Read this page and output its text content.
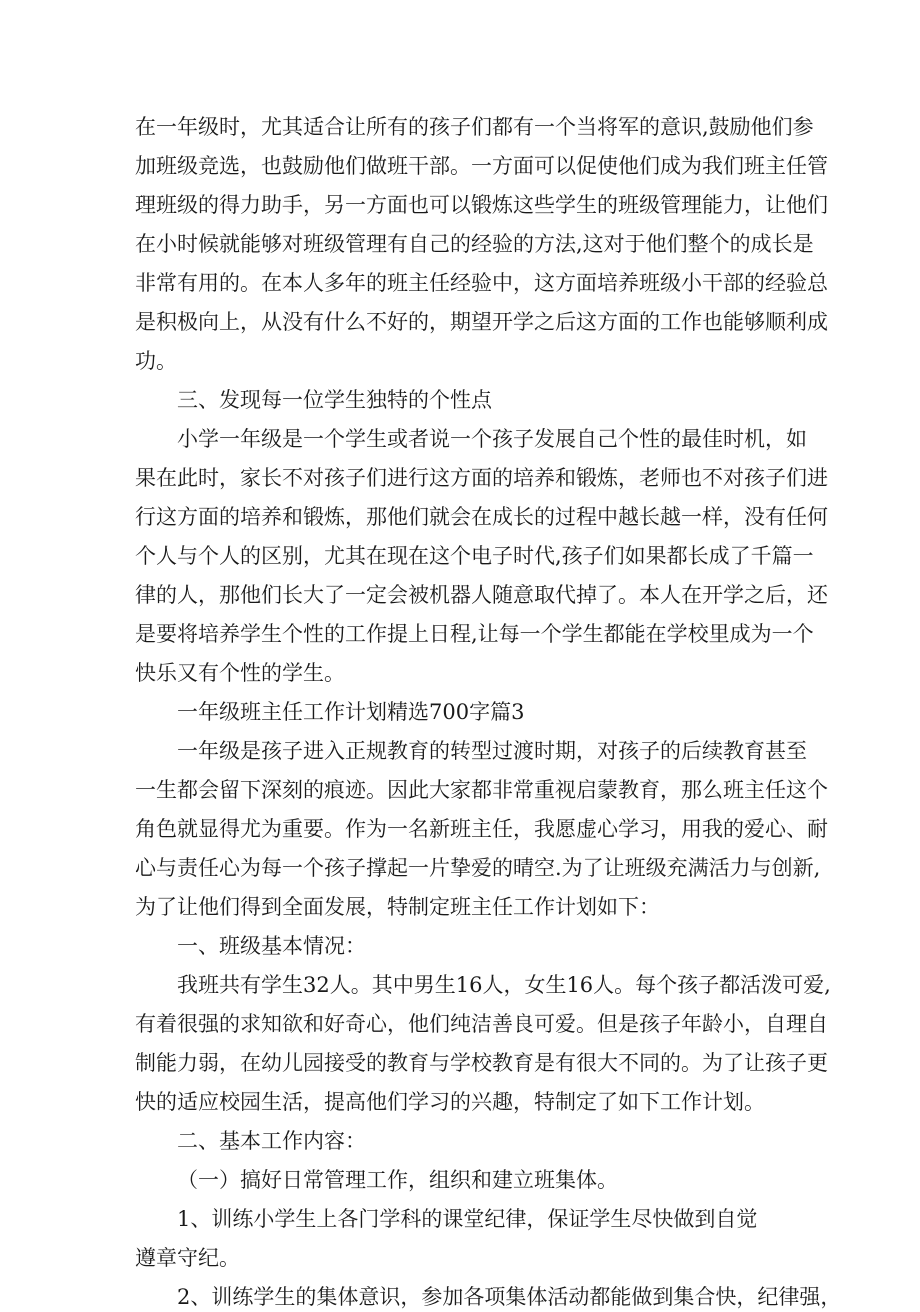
在一年级时，尤其适合让所有的孩子们都有一个当将军的意识,鼓励他们参
加班级竞选，也鼓励他们做班干部。一方面可以促使他们成为我们班主任管
理班级的得力助手，另一方面也可以锻炼这些学生的班级管理能力，让他们
在小时候就能够对班级管理有自己的经验的方法,这对于他们整个的成长是
非常有用的。在本人多年的班主任经验中，这方面培养班级小干部的经验总
是积极向上，从没有什么不好的，期望开学之后这方面的工作也能够顺利成
功。
三、发现每一位学生独特的个性点
小学一年级是一个学生或者说一个孩子发展自己个性的最佳时机，如
果在此时，家长不对孩子们进行这方面的培养和锻炼，老师也不对孩子们进
行这方面的培养和锻炼，那他们就会在成长的过程中越长越一样，没有任何
个人与个人的区别，尤其在现在这个电子时代,孩子们如果都长成了千篇一
律的人，那他们长大了一定会被机器人随意取代掉了。本人在开学之后，还
是要将培养学生个性的工作提上日程,让每一个学生都能在学校里成为一个
快乐又有个性的学生。
一年级班主任工作计划精选700字篇3
一年级是孩子进入正规教育的转型过渡时期，对孩子的后续教育甚至
一生都会留下深刻的痕迹。因此大家都非常重视启蒙教育，那么班主任这个
角色就显得尤为重要。作为一名新班主任，我愿虚心学习，用我的爱心、耐
心与责任心为每一个孩子撑起一片挚爱的晴空.为了让班级充满活力与创新,
为了让他们得到全面发展，特制定班主任工作计划如下：
一、班级基本情况：
我班共有学生32人。其中男生16人，女生16人。每个孩子都活泼可爱,
有着很强的求知欲和好奇心，他们纯洁善良可爱。但是孩子年龄小，自理自
制能力弱，在幼儿园接受的教育与学校教育是有很大不同的。为了让孩子更
快的适应校园生活，提高他们学习的兴趣，特制定了如下工作计划。
二、基本工作内容：
（一）搞好日常管理工作，组织和建立班集体。
1、训练小学生上各门学科的课堂纪律，保证学生尽快做到自觉
遵章守纪。
2、训练学生的集体意识，参加各项集体活动都能做到集合快，纪律强，
